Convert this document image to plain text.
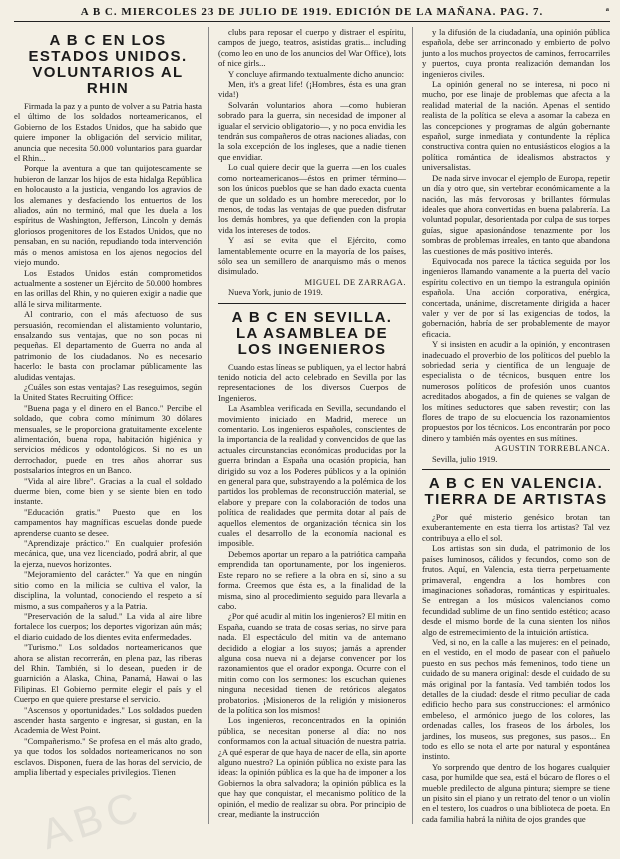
A B C. MIERCOLES 23 DE JULIO DE 1919. EDICIÓN DE LA MAÑANA. PAG. 7.	ᵃ
A B C EN LOS ESTADOS UNIDOS. VOLUNTARIOS AL RHIN

Firmada la paz y a punto de volver a su Patria hasta el último de los soldados norteamericanos, el Gobierno de los Estados Unidos, que ha sabido que quiere imponer la obligación del servicio militar, anuncia que necesita 50.000 voluntarios para guardar el Rhin...

Porque la aventura a que tan quijotescamente se hubieron de lanzar los hijos de esta hidalga República en holocausto a la justicia, vengando los agravios de los alemanes y desfaciendo los entuertos de los aliados, aún no terminó, mal que les duela a los espíritus de Washington, Jefferson, Lincoln y demás gloriosos progenitores de los Estados Unidos, que no pensaban, en su nación, repudiando toda intervención más o menos amistosa en los ajenos negocios del viejo mundo.

Los Estados Unidos están comprometidos actualmente a sostener un Ejército de 50.000 hombres en las orillas del Rhin, y no quieren exigir a nadie que allá le sirva militarmente.

Al contrario, con el más afectuoso de sus persuasión, recomiendan el alistamiento voluntario, ensalzando sus ventajas, que no son pocas ni pequeñas. El departamento de Guerra no anda al patrimonio de los ciudadanos. No es necesario hacerlo: le basta con proclamar públicamente las aludidas ventajas.

¿Cuáles son estas ventajas? Las reseguimos, según la United States Recruiting Office:

"Buena paga y el dinero en el Banco." Percibe el soldado, que cobra como mínimum 30 dólares mensuales, se le proporciona gratuitamente excelente alimentación, buena ropa, habitación higiénica y servicios médicos y odontológicos. Si no es un derrochador, puede en tres años ahorrar sus postsalarios íntegros en un Banco.

"Vida al aire libre". Gracias a la cual el soldado duerme bien, come bien y se siente bien en todo instante.

"Educación gratis." Puesto que en los campamentos hay magníficas escuelas donde puede aprenderse cuanto se desee.

"Aprendizaje práctico." En cualquier profesión mecánica, que, una vez licenciado, podrá abrir, al que la ejerza, nuevos horizontes.

"Mejoramiento del carácter." Ya que en ningún sitio como en la milicia se cultiva el valor, la disciplina, la voluntad, conociendo el respeto a sí mismo, a sus compañeros y a la Patria.

"Preservación de la salud." La vida al aire libre fortalece los cuerpos; los deportes vigorizan aún más; el diario cuidado de los dientes evita enfermedades.

"Turismo." Los soldados norteamericanos que ahora se alistan recorrerán, en plena paz, las riberas del Rhin. También, si lo desean, pueden ir de guarnición a Alaska, China, Panamá, Hawai o las Filipinas. El Gobierno permite elegir el país y el Cuerpo en que quiere prestarse el servicio.

"Ascensos y oportunidades." Los soldados pueden ascender hasta sargento e ingresar, si gustan, en la Academia de West Point.

"Compañerismo." Se profesa en el más alto grado, ya que todos los soldados norteamericanos no son esclavos. Disponen, fuera de las horas del servicio, de amplia libertad y especiales privilegios. Tienen

clubs para reposar el cuerpo y distraer el espíritu, campos de juego, teatros, asistidas gratis... including (como leo en uno de los anuncios del War Office), lots of nice girls...

Y concluye afirmando textualmente dicho anuncio:

Men, it's a great life! (¡Hombres, ésta es una gran vida!)

Solvarán voluntarios ahora —como hubieran sobrado para la guerra, sin necesidad de imponer al igualar el servicio obligatorio—, y no poca envidia les tendrán sus compañeros de otras naciones aliadas, con la sola excepción de los ingleses, que a nadie tienen que envidiar.

Lo cual quiere decir que la guerra —en los cuales como norteamericanos—éstos en primer término—son los únicos pueblos que se han dado exacta cuenta de que un soldado es un hombre merecedor, por lo menos, de todas las ventajas de que pueden disfrutar los demás hombres, ya que defienden con la propia vida los intereses de todos.

Y así se evita que el Ejército, como lamentablemente ocurre en la mayoría de los países, sólo sea un semillero de anarquismo más o menos disimulado.

MIGUEL DE ZARRAGA.
Nueva York, junio de 1919.
A B C EN SEVILLA. LA ASAMBLEA DE LOS INGENIEROS

Cuando estas líneas se publiquen, ya el lector habrá tenido noticia del acto celebrado en Sevilla por las representaciones de los diversos Cuerpos de Ingenieros.

La Asamblea verificada en Sevilla, secundando el movimiento iniciado en Madrid, merece un comentario. Los ingenieros españoles, conscientes de la importancia de la realidad y convencidos de que las actuales circunstancias económicas producidas por la guerra brindan a España una ocasión propicia, han dirigido su voz a los Poderes públicos y a la opinión en general para que, substrayendo a la polémica de los partidos los problemas de reconstrucción material, se elabore y prepare con la colaboración de todos una política de realidades que permita dotar al país de aquellos elementos de organización técnica sin los cuales el desarrollo de la economía nacional es imposible.

Debemos aportar un reparo a la patriótica campaña emprendida tan oportunamente, por los ingenieros. Este reparo no se refiere a la obra en sí, sino a su forma. Creemos que ésta es, a la finalidad de la misma, sino al procedimiento seguido para llevarla a cabo.

¿Por qué acudir al mitin los ingenieros? El mitin en España, cuando se trata de cosas serias, no sirve para nada. El espectáculo del mitin va de antemano decidido a elogiar a los suyos; jamás a aprender alguna cosa nueva ni a dejarse convencer por los razonamientos que el orador exponga. Ocurre con el mitin como con los sermones: los escuchan quienes ninguna necesidad tienen de retóricos alegatos probatorios. ¡Misioneros de la religión y misioneros de la política son los mismos!

Los ingenieros, reconcentrados en la opinión pública, se necesitan ponerse al día: no nos conformamos con la actual situación de nuestra patria. ¿A qué esperar de que haya de nacer de ella, sin aporte alguno nuestro? La opinión pública no existe para las ideas: la opinión pública es la que ha de imponer a los Gobiernos la obra salvadora; la opinión pública es la que hay que conquistar, el mecanismo político de la opinión, el medio de realizar su obra. Por principio de crear, mediante la instrucción

y la difusión de la ciudadanía, una opinión pública española, debe ser arrinconado y embierto de polvo junto a los muchos proyectos de caminos, ferrocarriles y puertos, cuya pronta realización demandan los ingenieros civiles.

La opinión general no se interesa, ni poco ni mucho, por ese linaje de problemas que afecta a la realidad material de la nación. Apenas el sentido realista de la política se eleva a asomar la cabeza en las concepciones y programas de algún gobernante español, surge inmediata y contundente la réplica constructiva contra quien no entusiásticos elogios a la política romántica de idealismos abstractos y universalistas.

De nada sirve invocar el ejemplo de Europa, repetir un día y otro que, sin vertebrar económicamente a la nación, las más fervorosas y brillantes fórmulas ideales que ahora convertidas en buena palabrería. La voluntad popular, desorientada por culpa de sus torpes guías, sigue apasionándose tenazmente por los sombras de problemas irreales, en tanto que abandona las cuestiones de más positivo interés.

Equivocada nos parece la táctica seguida por los ingenieros llamando vanamente a la puerta del vacío espíritu colectivo en un tiempo la estrangula opinión española. Una acción corporativa, enérgica, concertada, unánime, discretamente dirigida a hacer valer y ver de por sí las exigencias de todos, la gobernación, habría de ser probablemente de mayor eficacia.

Y si insisten en acudir a la opinión, y encontrasen inadecuado el proverbio de los políticos del pueblo la sobriedad seria y científica de un lenguaje de especialista o de técnicos, busquen entre los numerosos políticos de profesión unos cuantos acreditados abogados, a fin de quienes se valgan de los mítines seductores que saben revestir; con las flores de trapo de su elocuencia los razonamientos propuestos por los técnicos. Los encontrarán por poco dinero y también más oyentes en sus mítines.

AGUSTIN TORREBLANCA.
Sevilla, julio 1919.
A B C EN VALENCIA. TIERRA DE ARTISTAS

¿Por qué misterio genésico brotan tan exuberantemente en esta tierra los artistas? Tal vez contribuya a ello el sol.

Los artistas son sin duda, el patrimonio de los países luminosos, cálidos y fecundos, como son de frutos. Aquí, en Valencia, esta tierra perpetuamente primaveral, engendra a los hombres con imaginaciones soñadoras, románticas y espirituales. Se entregan a los músicos valencianos como fecundidad sublime de un fino sentido estético; acaso desde el mismo borde de la cuna sienten los niños algo de estremecimiento de la intuición artística.

Ved, si no, en la calle a las mujeres: en el peinado, en el vestido, en el modo de pasear con el pañuelo puesto en sus pechos más femeninos, todo tiene un cuidado de su manera original: desde el cuidado de su más original por la fantasía. Ved también todos los detalles de la ciudad: desde el ritmo peculiar de cada edificio hecho para sus construcciones: el armónico embeleso, el armónico juego de los colores, las ordenadas calles, los fraseos de los árboles, los jardines, los museos, sus pregones, sus pasos... En todo es ello se nota el arte por natural y espontánea instinto.

Yo sorprendo que dentro de los hogares cualquier casa, por humilde que sea, está el búcaro de flores o el mueble predilecto de alguna pintura; siempre se tiene un pisito sin el piano y un retrato del tenor o un violín en el testero, los cuadros o una biblioteca de poeta. En cada familia habrá la niñita de ojos grandes que

ABC
